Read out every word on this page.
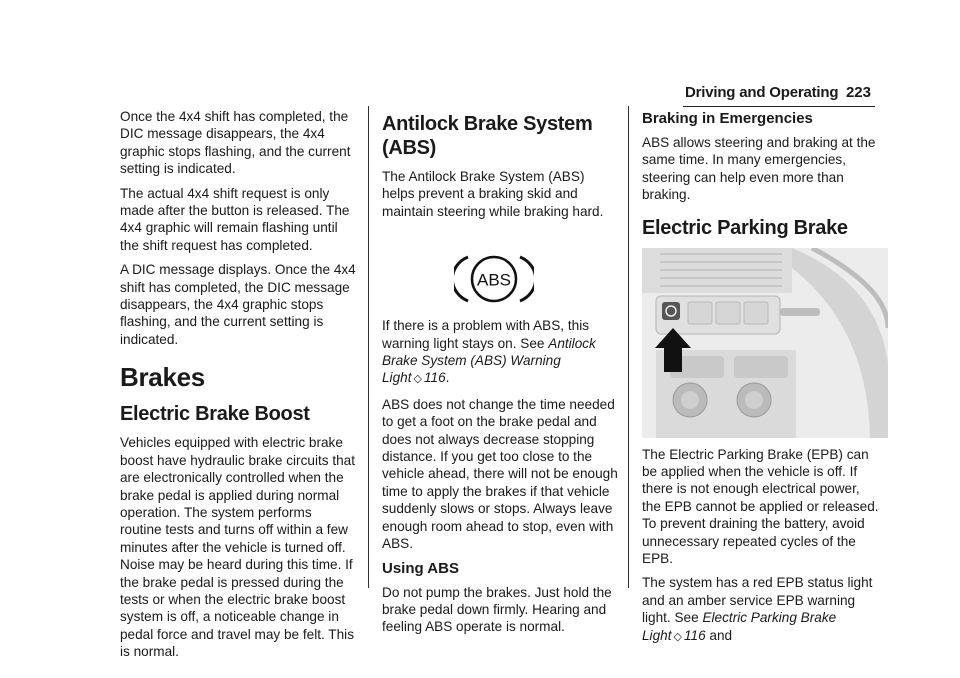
Driving and Operating 223

Once the 4x4 shift has completed, the DIC message disappears, the 4x4 graphic stops flashing, and the current setting is indicated.

The actual 4x4 shift request is only made after the button is released. The 4x4 graphic will remain flashing until the shift request has completed.

A DIC message displays. Once the 4x4 shift has completed, the DIC message disappears, the 4x4 graphic stops flashing, and the current setting is indicated.

Brakes
Electric Brake Boost

Vehicles equipped with electric brake boost have hydraulic brake circuits that are electronically controlled when the brake pedal is applied during normal operation. The system performs routine tests and turns off within a few minutes after the vehicle is turned off. Noise may be heard during this time. If the brake pedal is pressed during the tests or when the electric brake boost system is off, a noticeable change in pedal force and travel may be felt. This is normal.

Antilock Brake System (ABS)

The Antilock Brake System (ABS) helps prevent a braking skid and maintain steering while braking hard.

ABS

If there is a problem with ABS, this warning light stays on. See Antilock Brake System (ABS) Warning Light ◇ 116.

ABS does not change the time needed to get a foot on the brake pedal and does not always decrease stopping distance. If you get too close to the vehicle ahead, there will not be enough time to apply the brakes if that vehicle suddenly slows or stops. Always leave enough room ahead to stop, even with ABS.

Using ABS

Do not pump the brakes. Just hold the brake pedal down firmly. Hearing and feeling ABS operate is normal.

Braking in Emergencies

ABS allows steering and braking at the same time. In many emergencies, steering can help even more than braking.

Electric Parking Brake

The Electric Parking Brake (EPB) can be applied when the vehicle is off. If there is not enough electrical power, the EPB cannot be applied or released. To prevent draining the battery, avoid unnecessary repeated cycles of the EPB.

The system has a red EPB status light and an amber service EPB warning light. See Electric Parking Brake Light ◇ 116 and
